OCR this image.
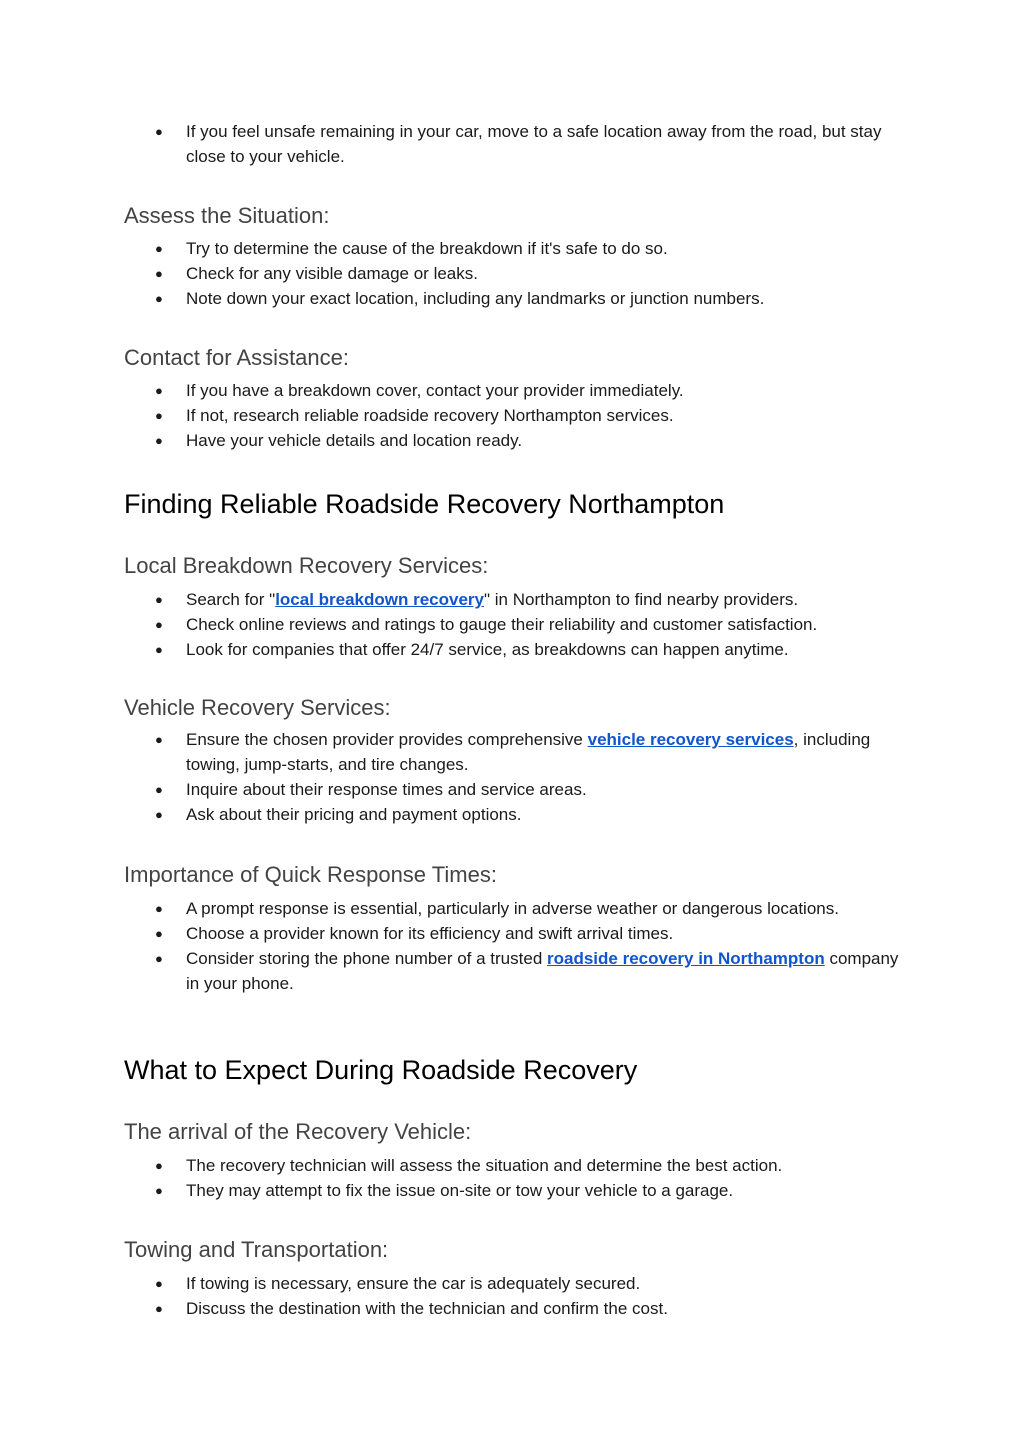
● If you feel unsafe remaining in your car, move to a safe location away from the road, but stay close to your vehicle.
Assess the Situation:
● Try to determine the cause of the breakdown if it's safe to do so.
● Check for any visible damage or leaks.
● Note down your exact location, including any landmarks or junction numbers.
Contact for Assistance:
● If you have a breakdown cover, contact your provider immediately.
● If not, research reliable roadside recovery Northampton services.
● Have your vehicle details and location ready.
Finding Reliable Roadside Recovery Northampton
Local Breakdown Recovery Services:
● Search for "local breakdown recovery" in Northampton to find nearby providers.
● Check online reviews and ratings to gauge their reliability and customer satisfaction.
● Look for companies that offer 24/7 service, as breakdowns can happen anytime.
Vehicle Recovery Services:
● Ensure the chosen provider provides comprehensive vehicle recovery services, including towing, jump-starts, and tire changes.
● Inquire about their response times and service areas.
● Ask about their pricing and payment options.
Importance of Quick Response Times:
● A prompt response is essential, particularly in adverse weather or dangerous locations.
● Choose a provider known for its efficiency and swift arrival times.
● Consider storing the phone number of a trusted roadside recovery in Northampton company in your phone.
What to Expect During Roadside Recovery
The arrival of the Recovery Vehicle:
● The recovery technician will assess the situation and determine the best action.
● They may attempt to fix the issue on-site or tow your vehicle to a garage.
Towing and Transportation:
● If towing is necessary, ensure the car is adequately secured.
● Discuss the destination with the technician and confirm the cost.
